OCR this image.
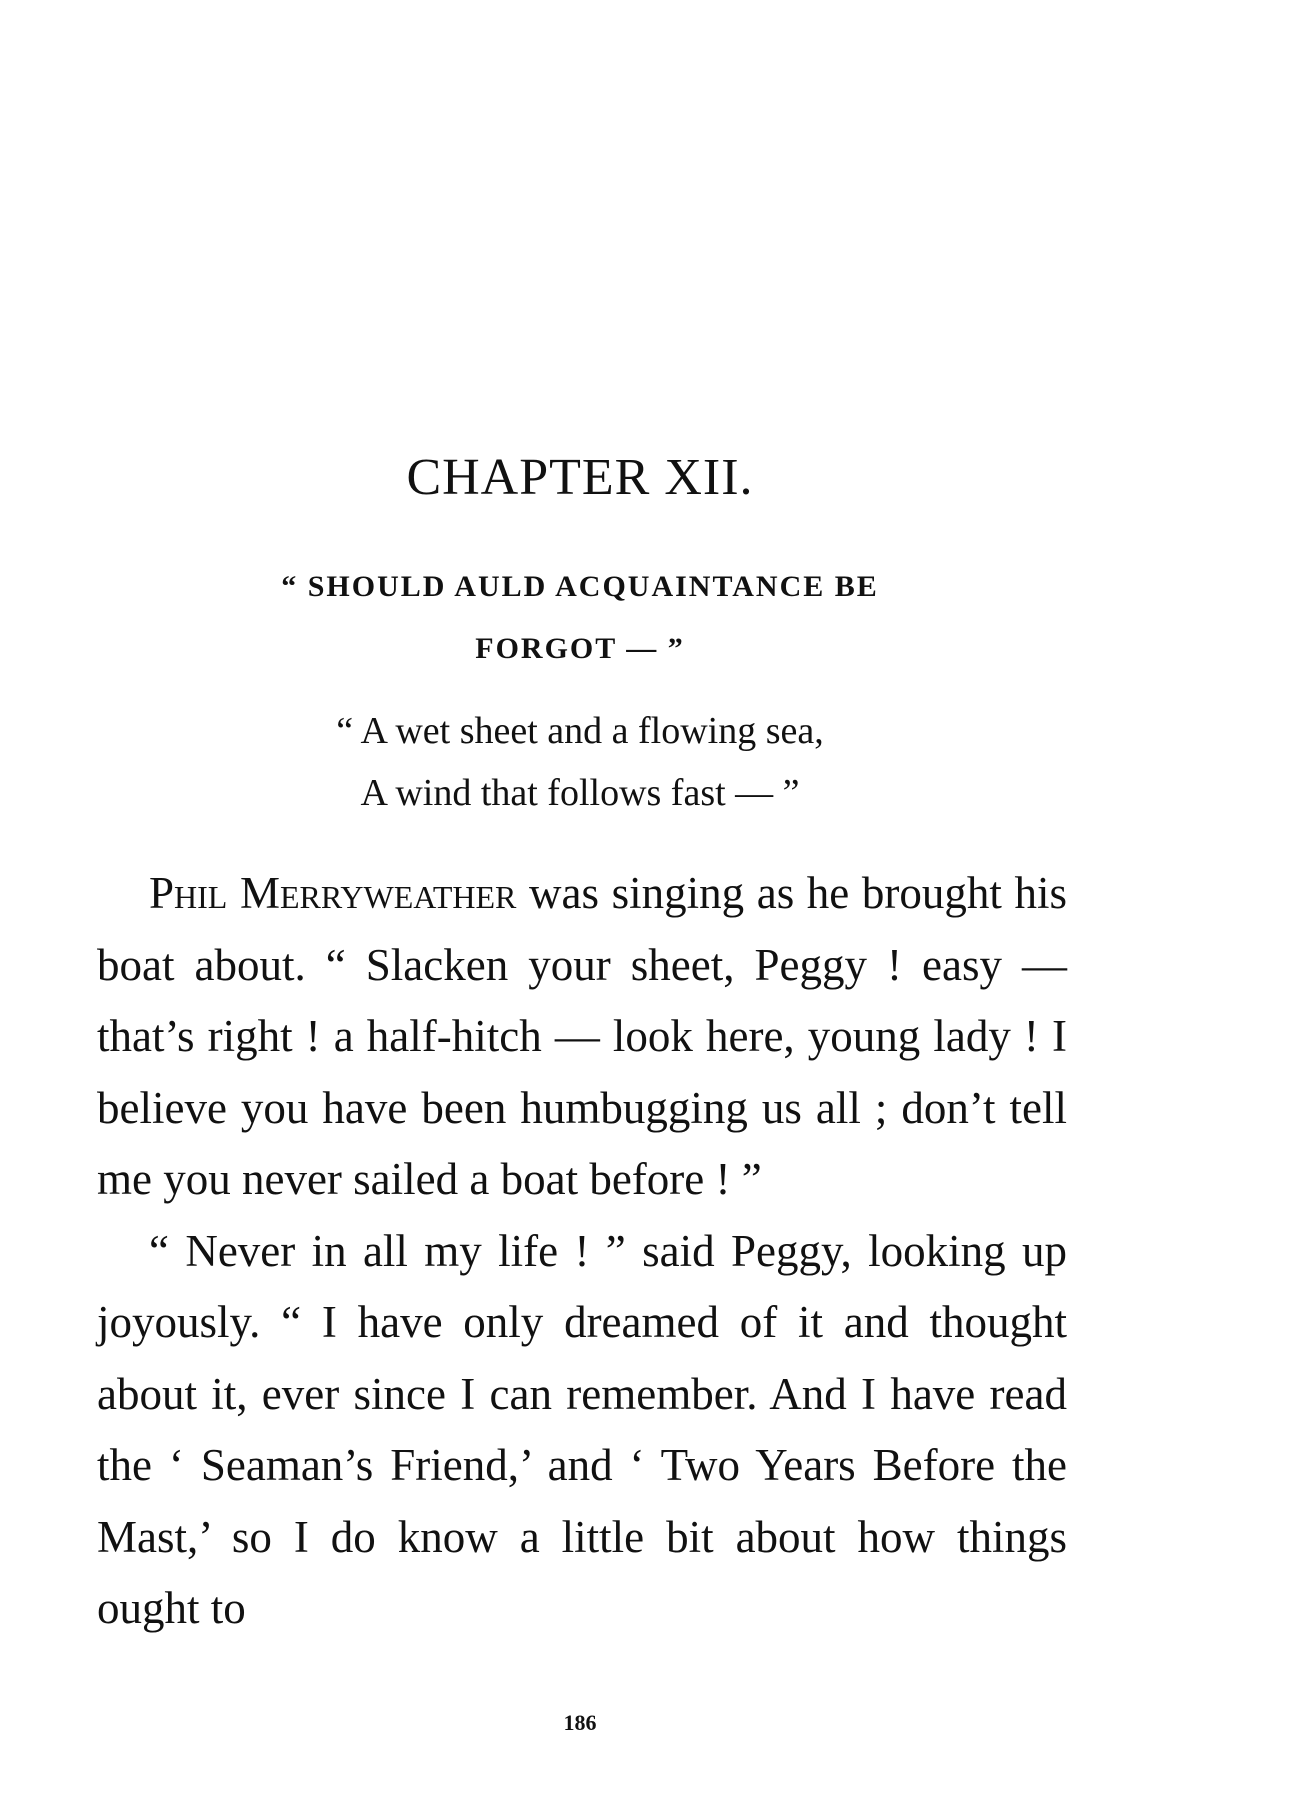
CHAPTER XII.
“ SHOULD AULD ACQUAINTANCE BE
FORGOT — ”
“ A wet sheet and a flowing sea,
A wind that follows fast — ”

Phil Merryweather was singing as he brought his boat about. “ Slacken your sheet, Peggy ! easy — that’s right ! a half-hitch — look here, young lady ! I believe you have been humbugging us all ; don’t tell me you never sailed a boat before ! ”

“ Never in all my life ! ” said Peggy, looking up joyously. “ I have only dreamed of it and thought about it, ever since I can remember. And I have read the ‘ Seaman’s Friend,’ and ‘ Two Years Before the Mast,’ so I do know a little bit about how things ought to

186
